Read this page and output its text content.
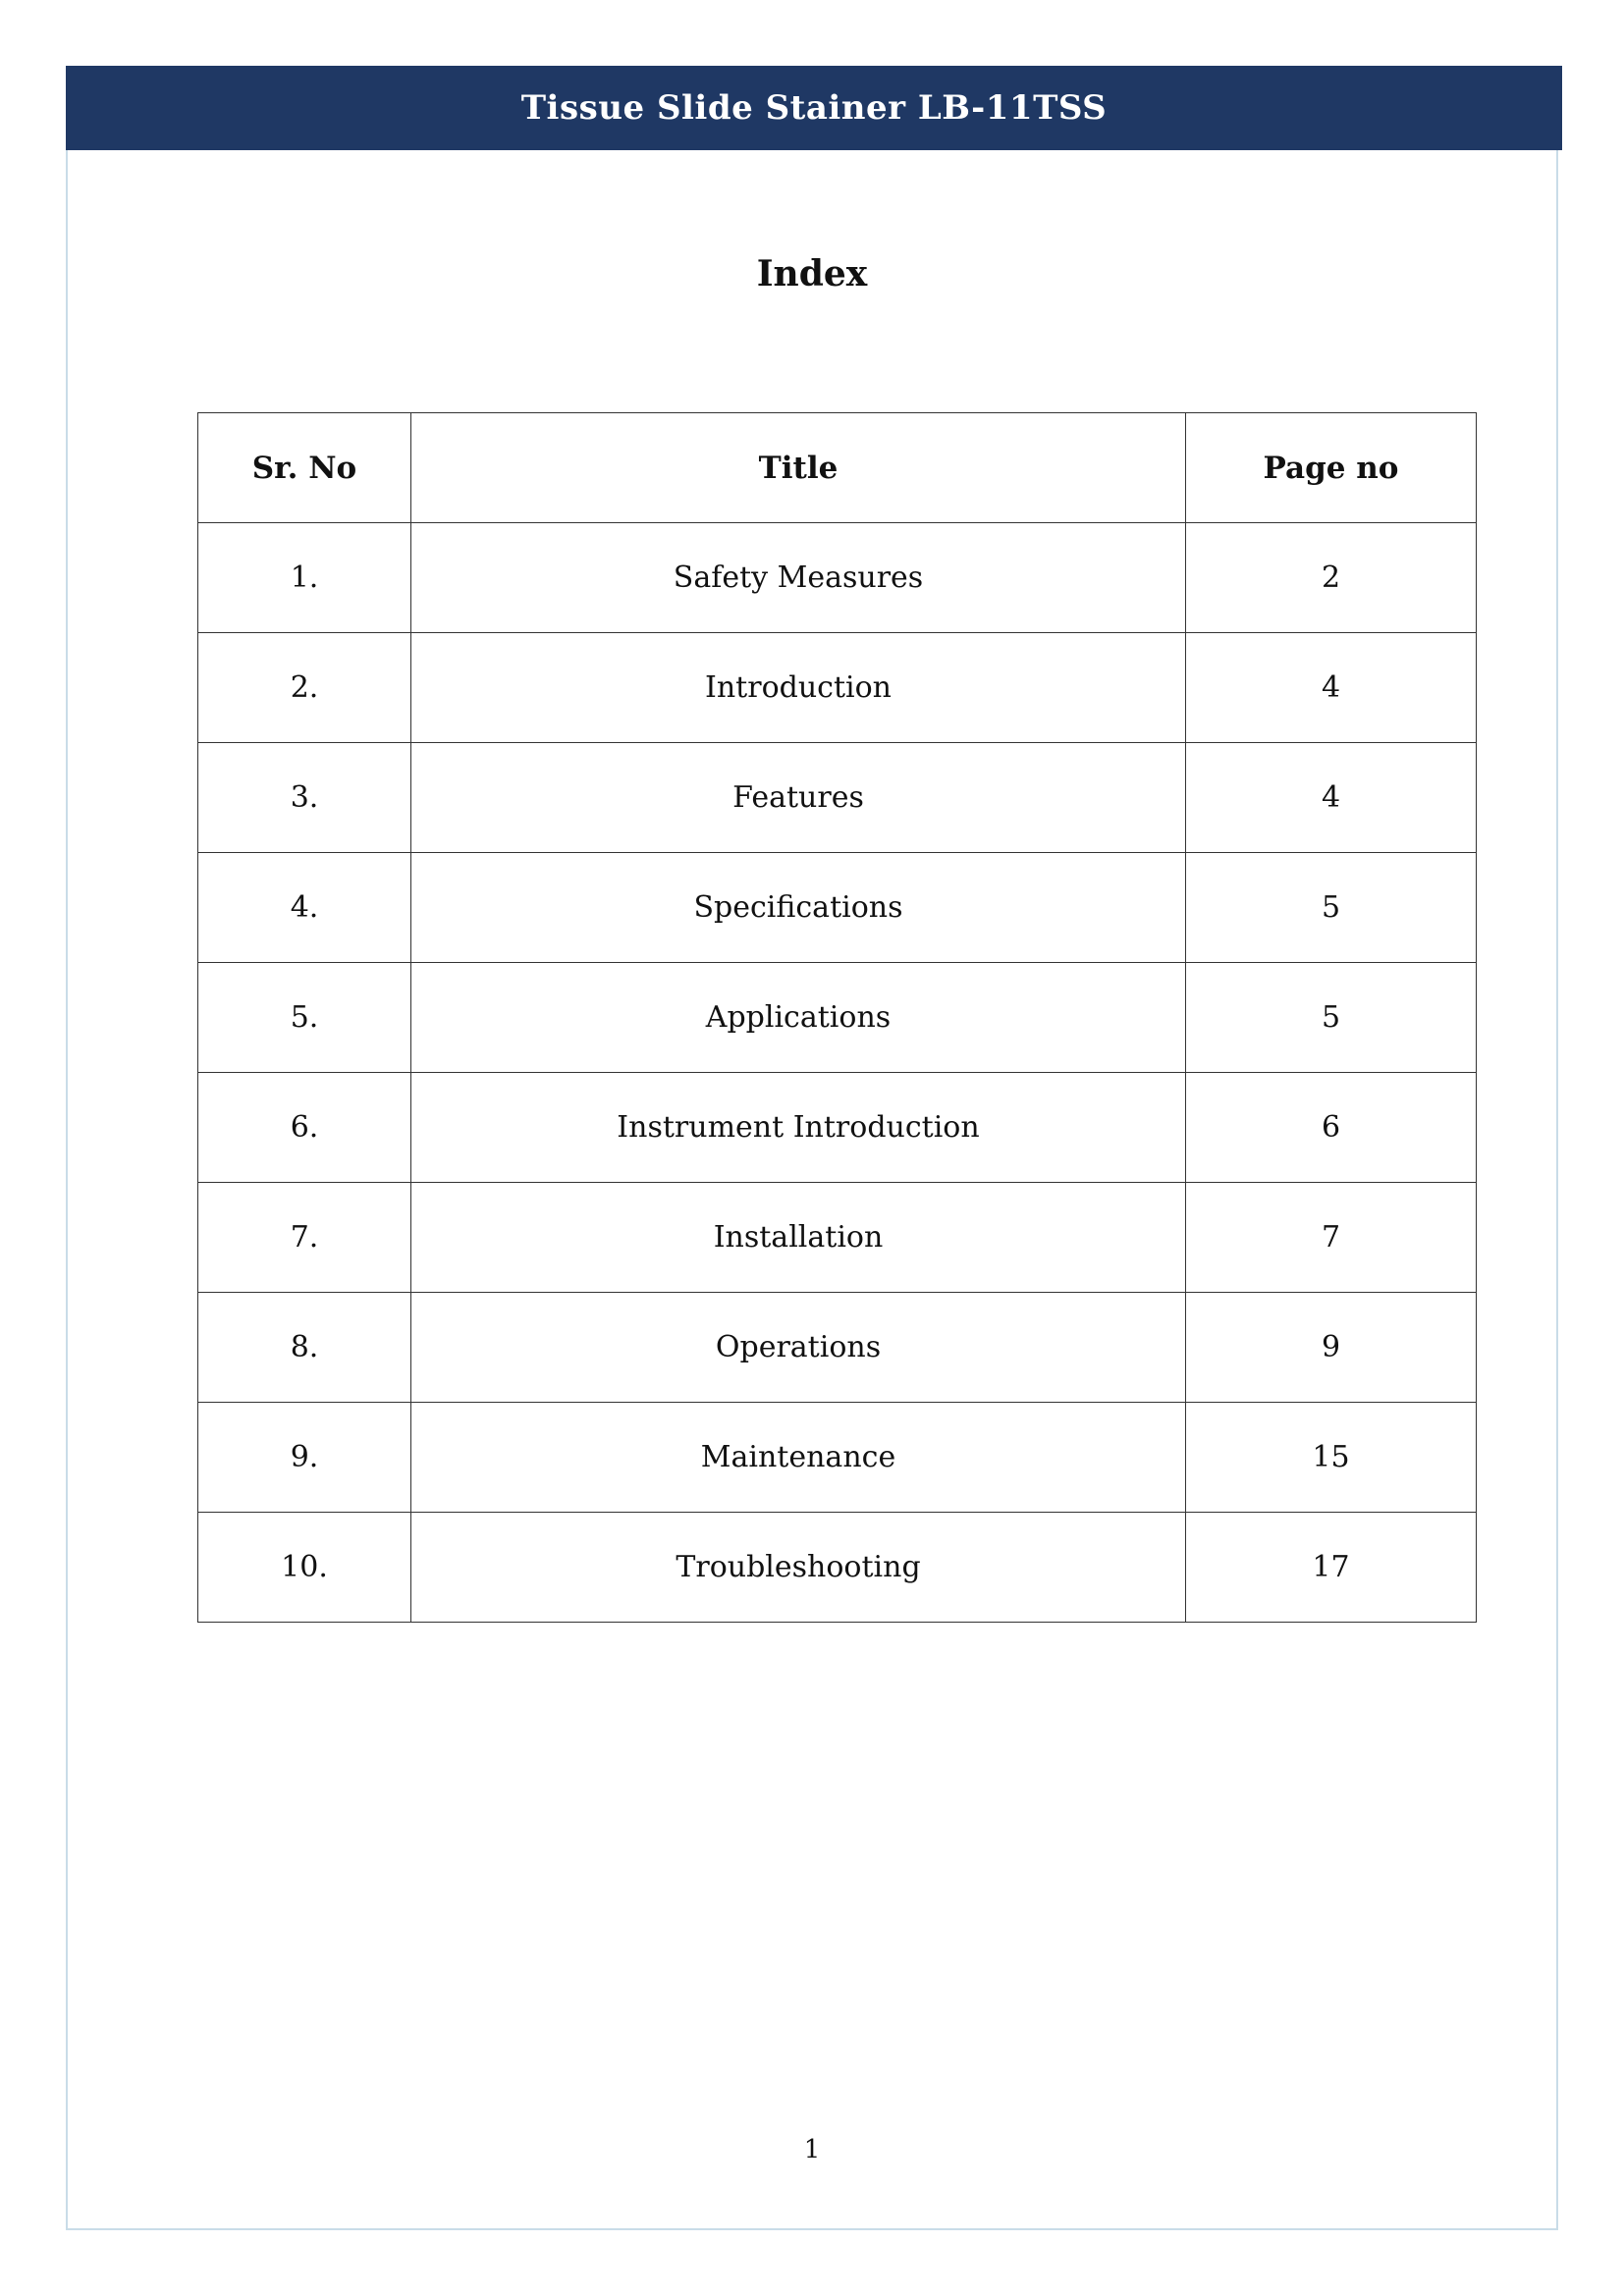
Tissue Slide Stainer LB-11TSS
Index
Sr. No	Title	Page no
1.	Safety Measures	2
2.	Introduction	4
3.	Features	4
4.	Specifications	5
5.	Applications	5
6.	Instrument Introduction	6
7.	Installation	7
8.	Operations	9
9.	Maintenance	15
10.	Troubleshooting	17
1
